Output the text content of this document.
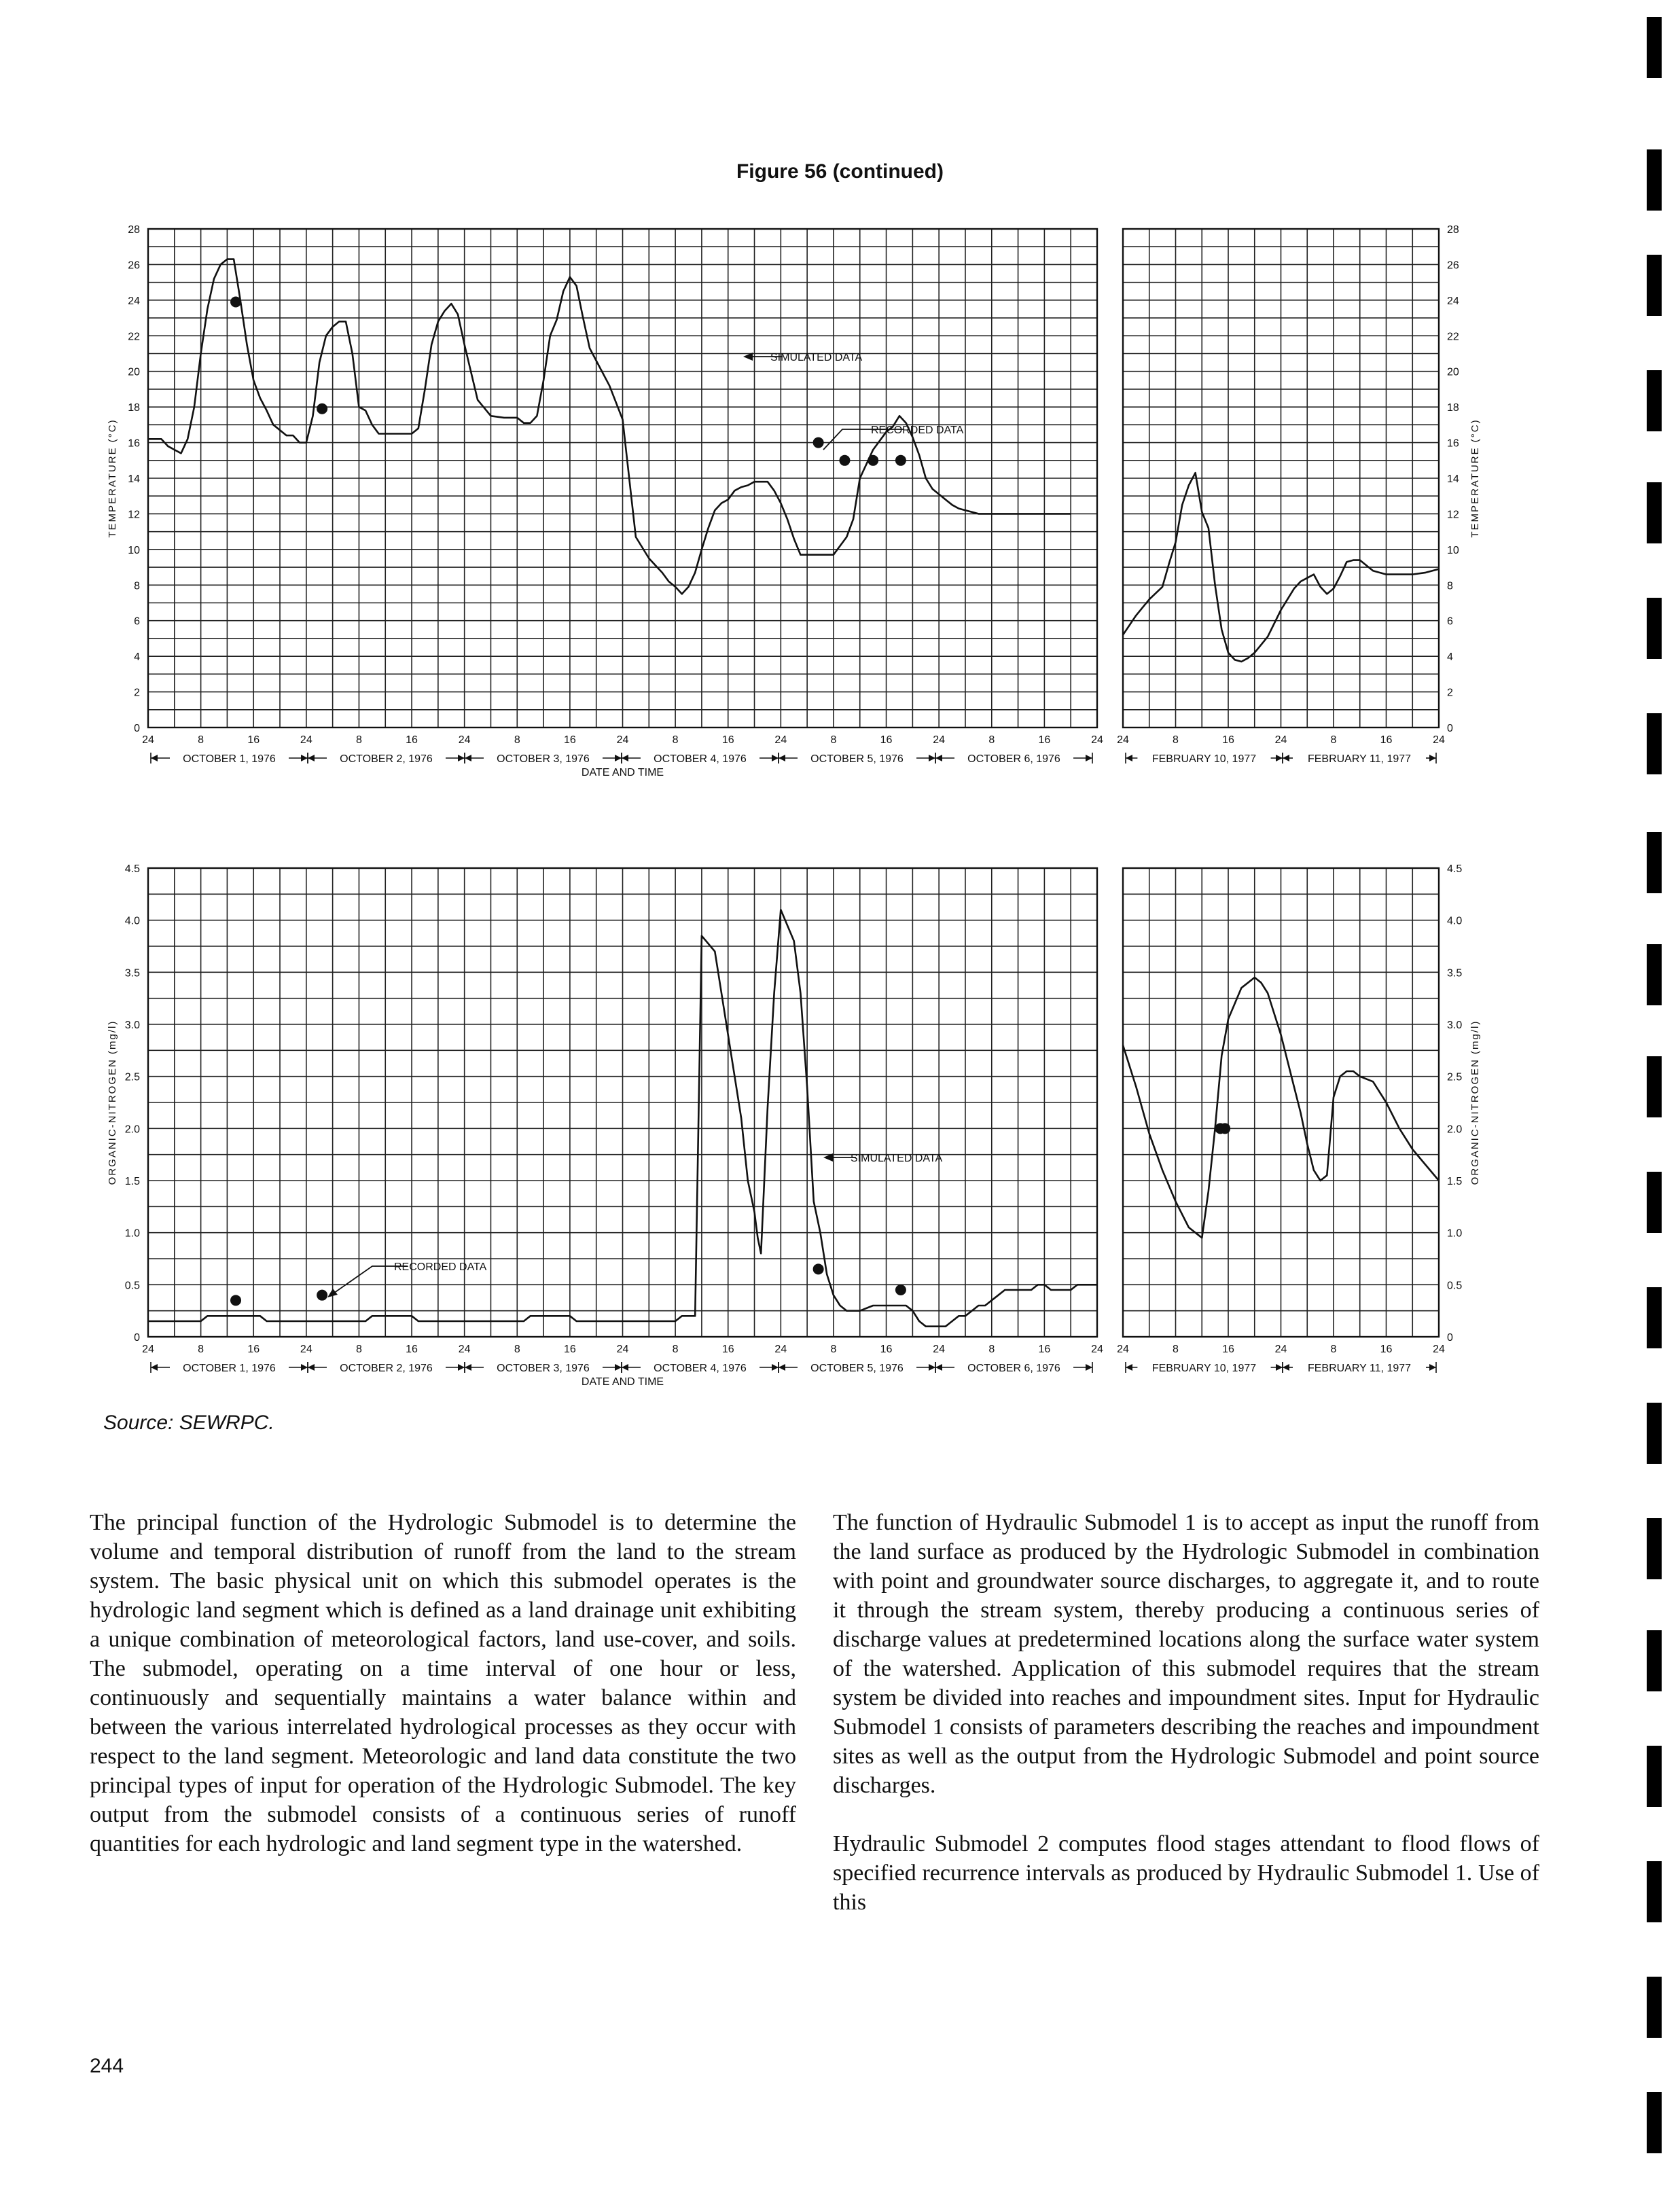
Figure 56 (continued)
0
2
4
6
8
10
12
14
16
18
20
22
24
26
28
TEMPERATURE (°C)
24	8	16	24	8	16	24	8	16	24	8	16	24	8	16	24	8	16	24
OCTOBER 1, 1976	OCTOBER 2, 1976	OCTOBER 3, 1976	OCTOBER 4, 1976	OCTOBER 5, 1976	OCTOBER 6, 1976
DATE AND TIME
SIMULATED DATA
RECORDED DATA
0
2
4
6
8
10
12
14
16
18
20
22
24
26
28
TEMPERATURE (°C)
24	8	16	24	8	16	24
FEBRUARY 10, 1977	FEBRUARY 11, 1977
0
0.5
1.0
1.5
2.0
2.5
3.0
3.5
4.0
4.5
ORGANIC-NITROGEN (mg/l)
24	8	16	24	8	16	24	8	16	24	8	16	24	8	16	24	8	16	24
OCTOBER 1, 1976	OCTOBER 2, 1976	OCTOBER 3, 1976	OCTOBER 4, 1976	OCTOBER 5, 1976	OCTOBER 6, 1976
DATE AND TIME
SIMULATED DATA
RECORDED DATA
0
0.5
1.0
1.5
2.0
2.5
3.0
3.5
4.0
4.5
ORGANIC-NITROGEN (mg/l)
24	8	16	24	8	16	24
FEBRUARY 10, 1977	FEBRUARY 11, 1977
Source: SEWRPC.

The principal function of the Hydrologic Submodel is to determine the volume and temporal distribution of runoff from the land to the stream system. The basic physical unit on which this submodel operates is the hydrologic land segment which is defined as a land drainage unit exhibiting a unique combination of meteorological factors, land use-cover, and soils. The submodel, operating on a time interval of one hour or less, continuously and sequentially maintains a water balance within and between the various interrelated hydrological processes as they occur with respect to the land segment. Meteorologic and land data constitute the two principal types of input for operation of the Hydrologic Submodel. The key output from the submodel consists of a continuous series of runoff quantities for each hydrologic and land segment type in the watershed.

The function of Hydraulic Submodel 1 is to accept as input the runoff from the land surface as produced by the Hydrologic Submodel in combination with point and groundwater source discharges, to aggregate it, and to route it through the stream system, thereby producing a continuous series of discharge values at predetermined locations along the surface water system of the watershed. Application of this submodel requires that the stream system be divided into reaches and impoundment sites. Input for Hydraulic Submodel 1 consists of parameters describing the reaches and impoundment sites as well as the output from the Hydrologic Submodel and point source discharges.

Hydraulic Submodel 2 computes flood stages attendant to flood flows of specified recurrence intervals as produced by Hydraulic Submodel 1. Use of this

244
